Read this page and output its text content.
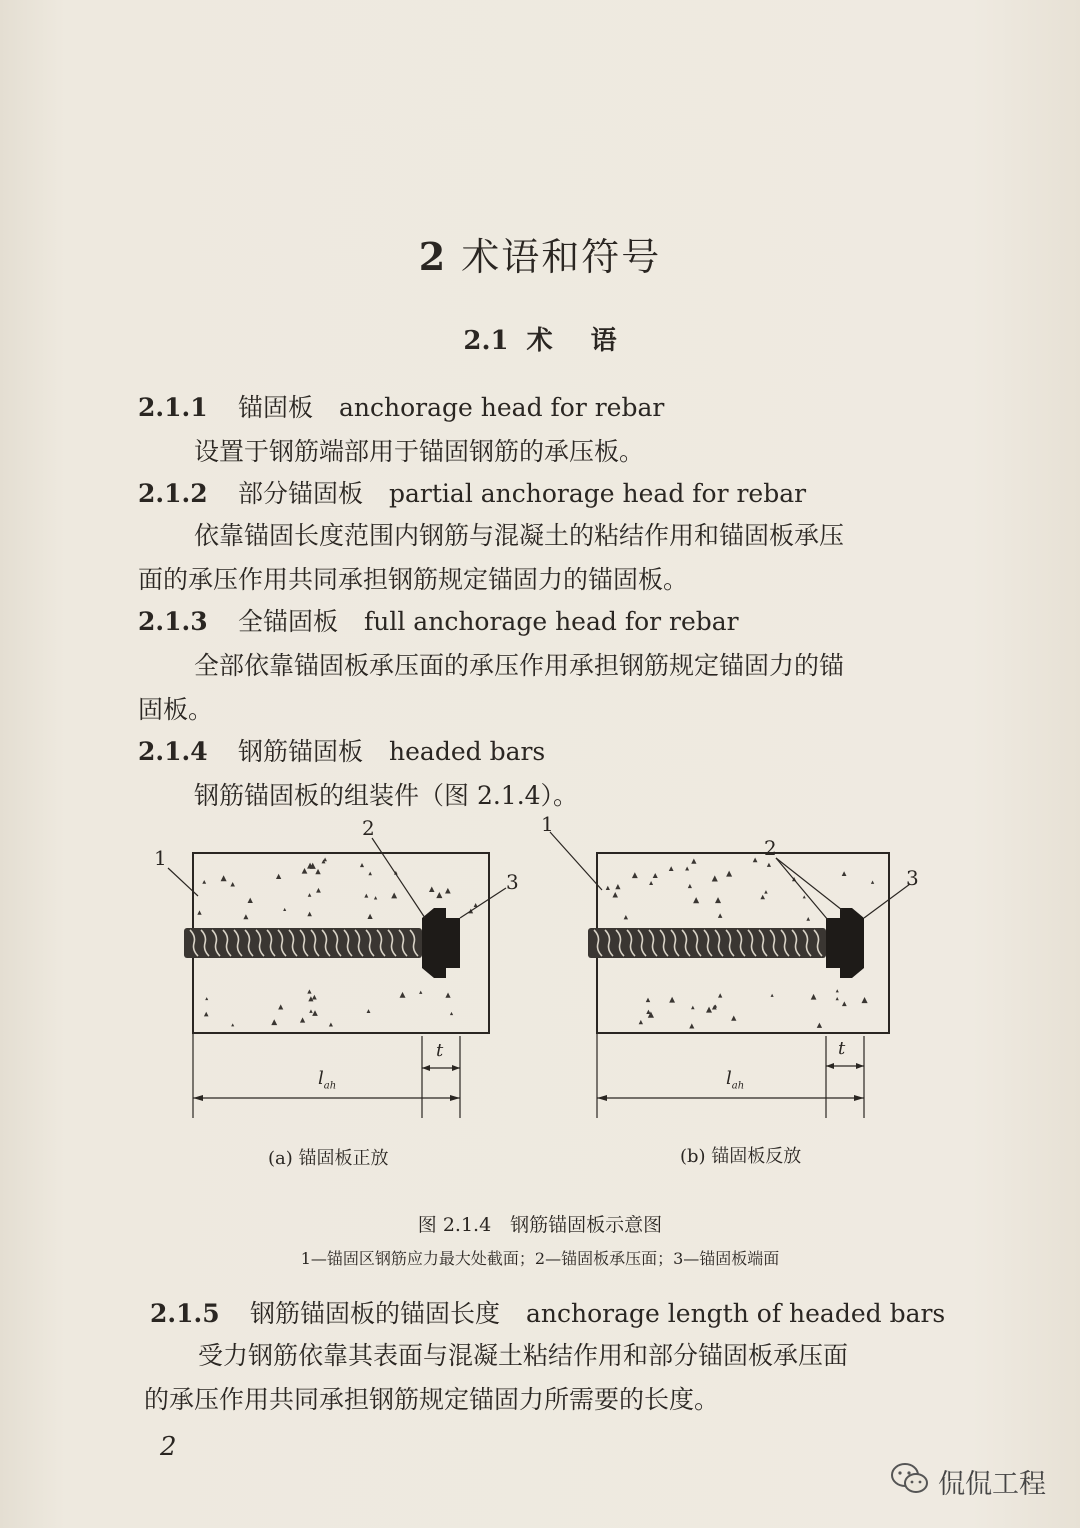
2 术语和符号
2.1 术 语
2.1.1 锚固板 anchorage head for rebar
设置于钢筋端部用于锚固钢筋的承压板。
2.1.2 部分锚固板 partial anchorage head for rebar
依靠锚固长度范围内钢筋与混凝土的粘结作用和锚固板承压
面的承压作用共同承担钢筋规定锚固力的锚固板。
2.1.3 全锚固板 full anchorage head for rebar
全部依靠锚固板承压面的承压作用承担钢筋规定锚固力的锚
固板。
2.1.4 钢筋锚固板 headed bars
钢筋锚固板的组装件（图 2.1.4）。
1
2
3
t
$l_{ah}$
1
2
3
t
$l_{ah}$
(a) 锚固板正放	(b) 锚固板反放
图 2.1.4　钢筋锚固板示意图
1—锚固区钢筋应力最大处截面；2—锚固板承压面；3—锚固板端面
2.1.5 钢筋锚固板的锚固长度 anchorage length of headed bars
受力钢筋依靠其表面与混凝土粘结作用和部分锚固板承压面
的承压作用共同承担钢筋规定锚固力所需要的长度。
2
侃侃工程
